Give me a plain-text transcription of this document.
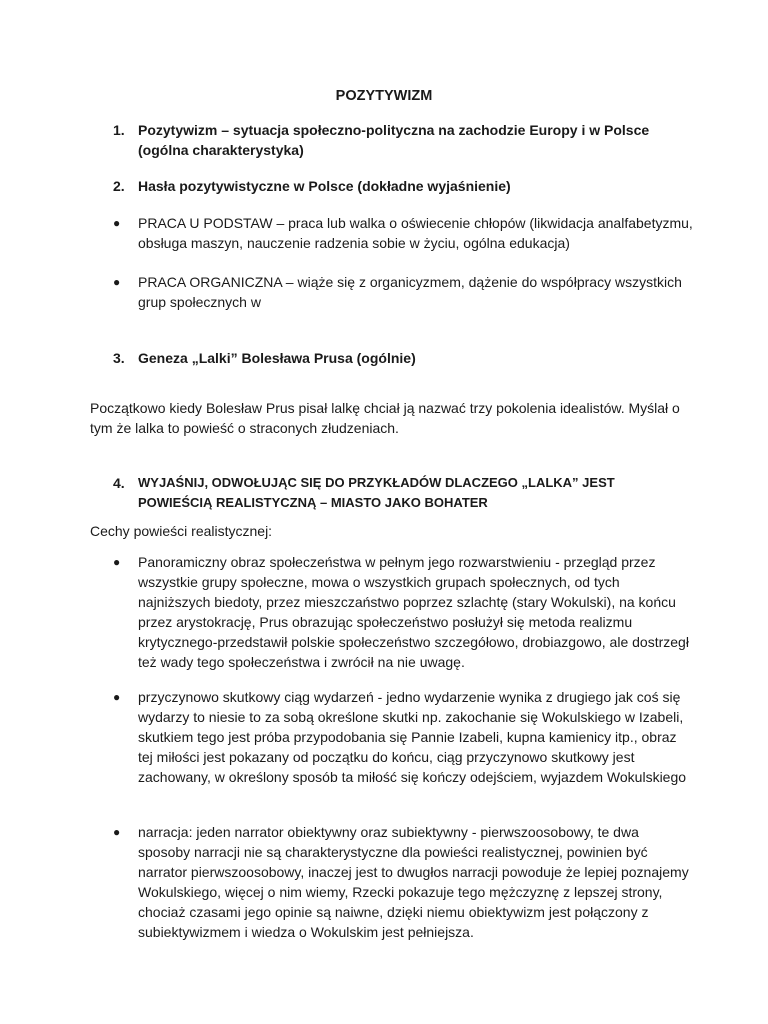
POZYTYWIZM
1. Pozytywizm – sytuacja społeczno-polityczna na zachodzie Europy i w Polsce (ogólna charakterystyka)
2. Hasła pozytywistyczne w Polsce (dokładne wyjaśnienie)
● PRACA U PODSTAW – praca lub walka o oświecenie chłopów (likwidacja analfabetyzmu, obsługa maszyn, nauczenie radzenia sobie w życiu, ogólna edukacja)
● PRACA ORGANICZNA – wiąże się z organicyzmem, dążenie do współpracy wszystkich grup społecznych w
3. Geneza „Lalki” Bolesława Prusa (ogólnie)
Początkowo kiedy Bolesław Prus pisał lalkę chciał ją nazwać trzy pokolenia idealistów. Myślał o tym że lalka to powieść o straconych złudzeniach.
4. WYJAŚNIJ, ODWOŁUJĄC SIĘ DO PRZYKŁADÓW DLACZEGO „LALKA” JEST POWIEŚCIĄ REALISTYCZNĄ – MIASTO JAKO BOHATER
Cechy powieści realistycznej:
● Panoramiczny obraz społeczeństwa w pełnym jego rozwarstwieniu - przegląd przez wszystkie grupy społeczne, mowa o wszystkich grupach społecznych, od tych najniższych biedoty, przez mieszczaństwo poprzez szlachtę (stary Wokulski), na końcu przez arystokrację, Prus obrazując społeczeństwo posłużył się metoda realizmu krytycznego-przedstawił polskie społeczeństwo szczegółowo, drobiazgowo, ale dostrzegł też wady tego społeczeństwa i zwrócił na nie uwagę.
● przyczynowo skutkowy ciąg wydarzeń - jedno wydarzenie wynika z drugiego jak coś się wydarzy to niesie to za sobą określone skutki np. zakochanie się Wokulskiego w Izabeli, skutkiem tego jest próba przypodobania się Pannie Izabeli, kupna kamienicy itp., obraz tej miłości jest pokazany od początku do końcu, ciąg przyczynowo skutkowy jest zachowany, w określony sposób ta miłość się kończy odejściem, wyjazdem Wokulskiego
● narracja: jeden narrator obiektywny oraz subiektywny - pierwszoosobowy, te dwa sposoby narracji nie są charakterystyczne dla powieści realistycznej, powinien być narrator pierwszoosobowy, inaczej jest to dwugłos narracji powoduje że lepiej poznajemy Wokulskiego, więcej o nim wiemy, Rzecki pokazuje tego mężczyznę z lepszej strony, chociaż czasami jego opinie są naiwne, dzięki niemu obiektywizm jest połączony z subiektywizmem i wiedza o Wokulskim jest pełniejsza.
